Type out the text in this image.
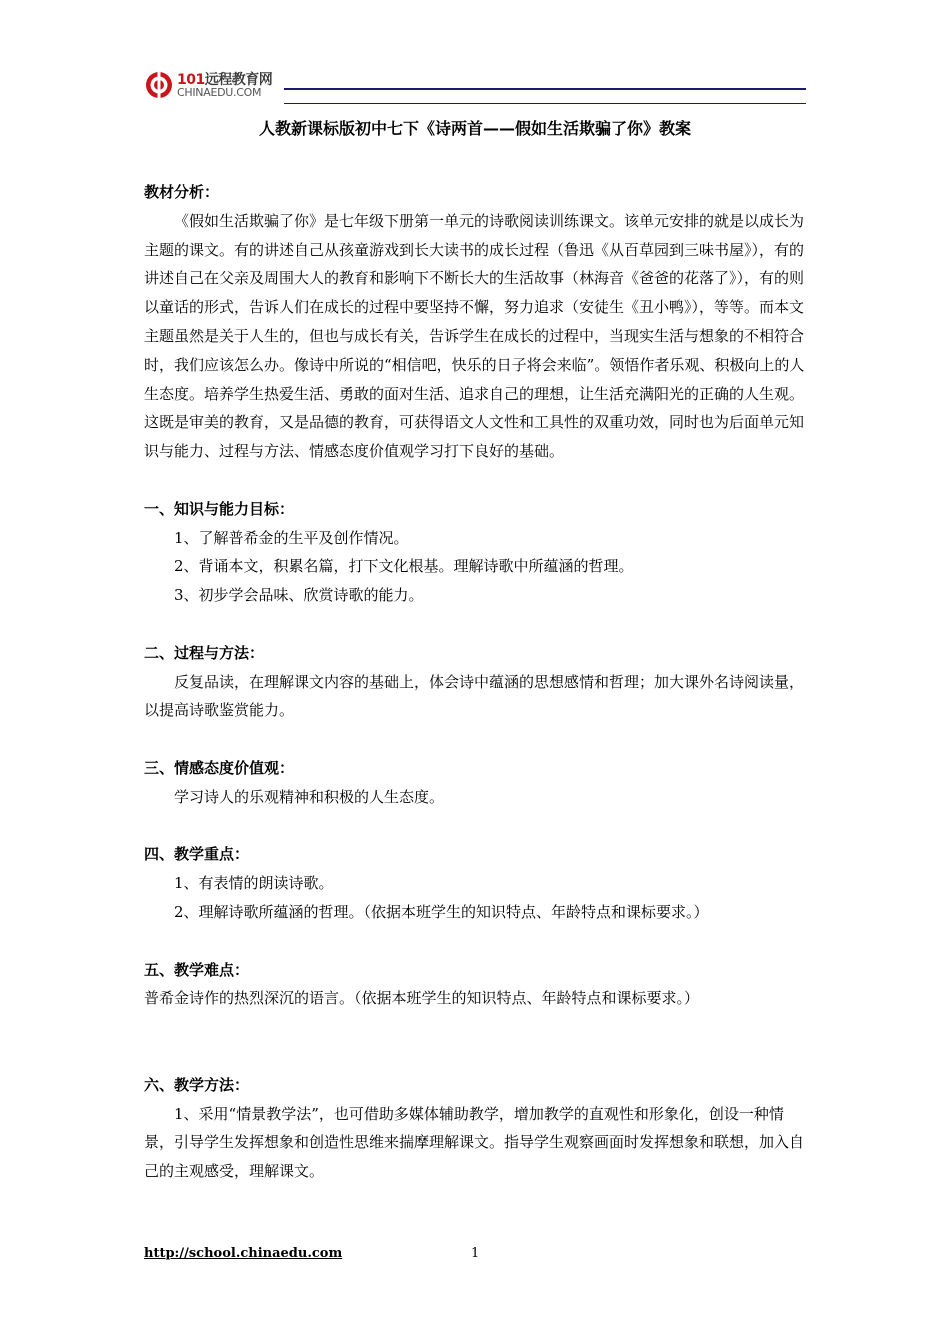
101远程教育网
CHINAEDU.COM
人教新课标版初中七下《诗两首——假如生活欺骗了你》教案

教材分析：

《假如生活欺骗了你》是七年级下册第一单元的诗歌阅读训练课文。该单元安排的就是以成长为主题的课文。有的讲述自己从孩童游戏到长大读书的成长过程（鲁迅《从百草园到三味书屋》），有的讲述自己在父亲及周围大人的教育和影响下不断长大的生活故事（林海音《爸爸的花落了》），有的则以童话的形式，告诉人们在成长的过程中要坚持不懈，努力追求（安徒生《丑小鸭》），等等。而本文主题虽然是关于人生的，但也与成长有关，告诉学生在成长的过程中，当现实生活与想象的不相符合时，我们应该怎么办。像诗中所说的“相信吧，快乐的日子将会来临”。领悟作者乐观、积极向上的人生态度。培养学生热爱生活、勇敢的面对生活、追求自己的理想，让生活充满阳光的正确的人生观。这既是审美的教育，又是品德的教育，可获得语文人文性和工具性的双重功效，同时也为后面单元知识与能力、过程与方法、情感态度价值观学习打下良好的基础。

一、知识与能力目标：

1、了解普希金的生平及创作情况。

2、背诵本文，积累名篇，打下文化根基。理解诗歌中所蕴涵的哲理。

3、初步学会品味、欣赏诗歌的能力。

二、过程与方法：

反复品读，在理解课文内容的基础上，体会诗中蕴涵的思想感情和哲理；加大课外名诗阅读量，以提高诗歌鉴赏能力。

三、情感态度价值观：

学习诗人的乐观精神和积极的人生态度。

四、教学重点：

1、有表情的朗读诗歌。

2、理解诗歌所蕴涵的哲理。（依据本班学生的知识特点、年龄特点和课标要求。）

五、教学难点：

普希金诗作的热烈深沉的语言。（依据本班学生的知识特点、年龄特点和课标要求。）

六、教学方法：

1、采用“情景教学法”，也可借助多媒体辅助教学，增加教学的直观性和形象化，创设一种情景，引导学生发挥想象和创造性思维来揣摩理解课文。指导学生观察画面时发挥想象和联想，加入自己的主观感受，理解课文。

http://school.chinaedu.com	1
